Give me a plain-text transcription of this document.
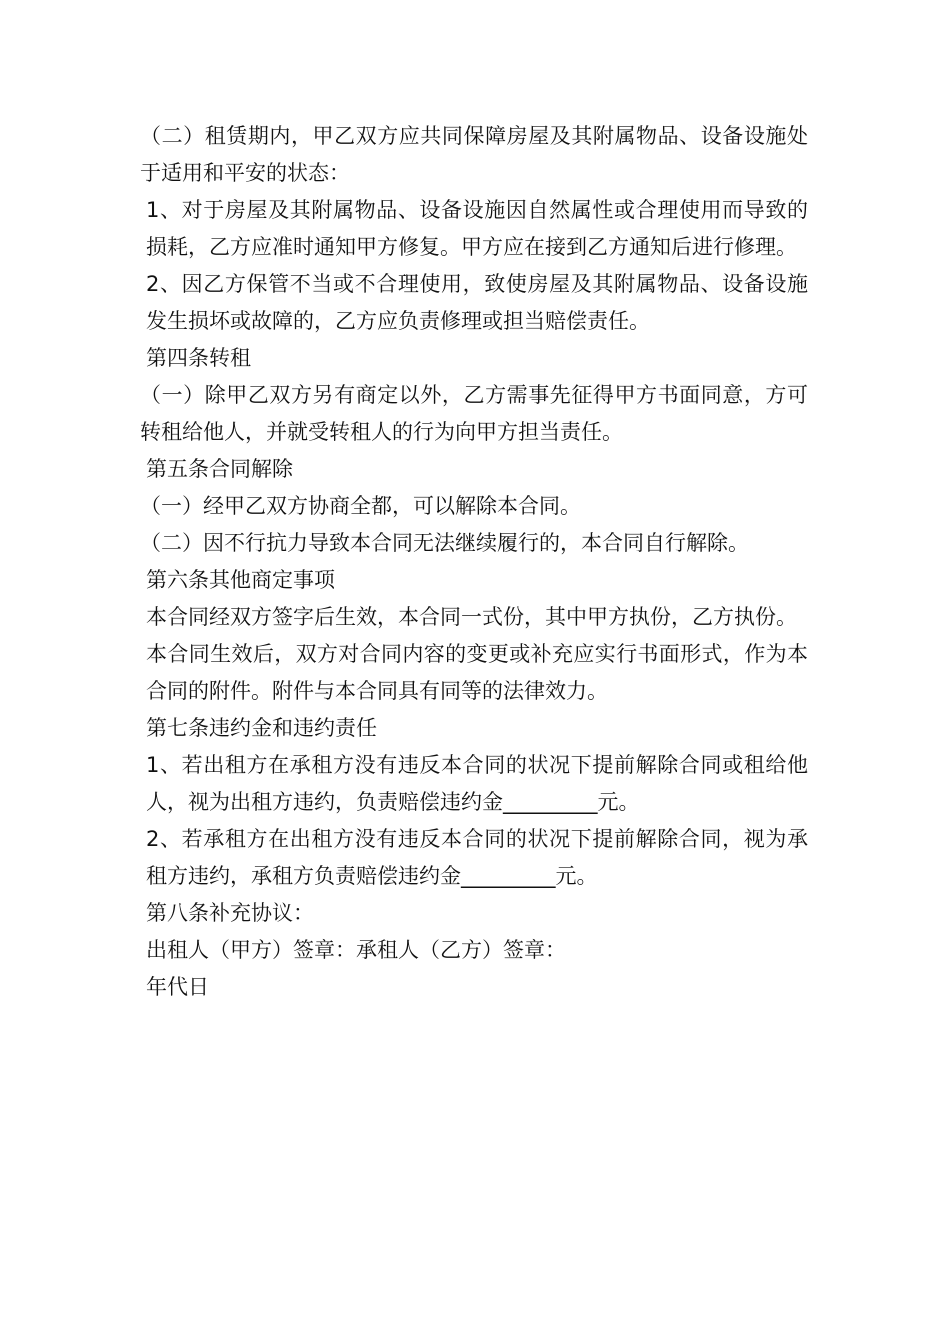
（二）租赁期内，甲乙双方应共同保障房屋及其附属物品、设备设施处于适用和平安的状态：

1、对于房屋及其附属物品、设备设施因自然属性或合理使用而导致的损耗，乙方应准时通知甲方修复。甲方应在接到乙方通知后进行修理。

2、因乙方保管不当或不合理使用，致使房屋及其附属物品、设备设施发生损坏或故障的，乙方应负责修理或担当赔偿责任。

第四条转租

（一）除甲乙双方另有商定以外，乙方需事先征得甲方书面同意，方可转租给他人，并就受转租人的行为向甲方担当责任。

第五条合同解除

（一）经甲乙双方协商全都，可以解除本合同。

（二）因不行抗力导致本合同无法继续履行的，本合同自行解除。

第六条其他商定事项

本合同经双方签字后生效，本合同一式份，其中甲方执份，乙方执份。

本合同生效后，双方对合同内容的变更或补充应实行书面形式，作为本合同的附件。附件与本合同具有同等的法律效力。

第七条违约金和违约责任

1、若出租方在承租方没有违反本合同的状况下提前解除合同或租给他人，视为出租方违约，负责赔偿违约金_________元。

2、若承租方在出租方没有违反本合同的状况下提前解除合同，视为承租方违约，承租方负责赔偿违约金_________元。

第八条补充协议：

出租人（甲方）签章：承租人（乙方）签章：

年代日
